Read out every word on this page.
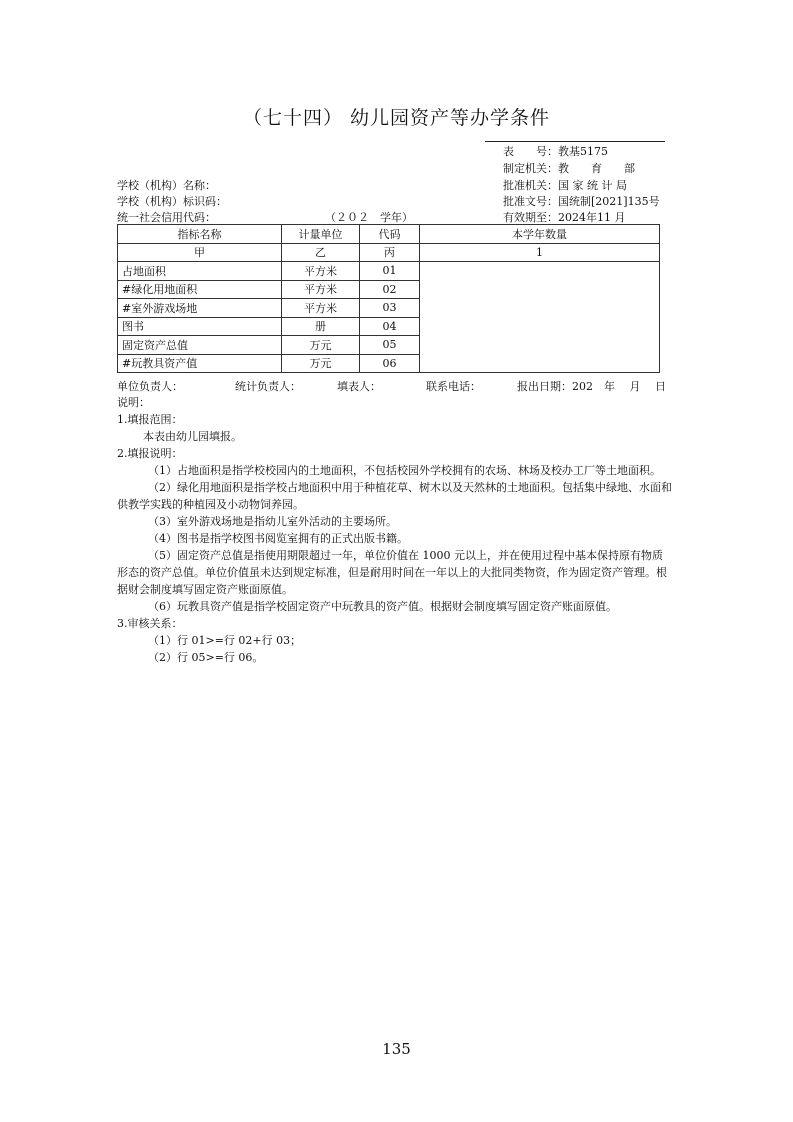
（七十四） 幼儿园资产等办学条件
表　　号：教基5175
制定机关：教　　育　　部
批准机关：国 家 统 计 局
批准文号：国统制[2021]135号
有效期至：2024年11 月
学校（机构）名称：
学校（机构）标识码：
统一社会信用代码：	（２０２　学年）
指标名称	计量单位	代码	本学年数量
甲	乙	丙	1
占地面积	平方米	01	
#绿化用地面积	平方米	02	
#室外游戏场地	平方米	03	
图书	册	04	
固定资产总值	万元	05	
#玩教具资产值	万元	06	
单位负责人：	统计负责人：	填表人：	联系电话：	报出日期：202　年　 月　 日

说明：

1.填报范围：

本表由幼儿园填报。

2.填报说明：

（1）占地面积是指学校校园内的土地面积，不包括校园外学校拥有的农场、林场及校办工厂等土地面积。

（2）绿化用地面积是指学校占地面积中用于种植花草、树木以及天然林的土地面积。包括集中绿地、水面和供教学实践的种植园及小动物饲养园。

（3）室外游戏场地是指幼儿室外活动的主要场所。

（4）图书是指学校图书阅览室拥有的正式出版书籍。

（5）固定资产总值是指使用期限超过一年，单位价值在 1000 元以上，并在使用过程中基本保持原有物质形态的资产总值。单位价值虽未达到规定标准，但是耐用时间在一年以上的大批同类物资，作为固定资产管理。根据财会制度填写固定资产账面原值。

（6）玩教具资产值是指学校固定资产中玩教具的资产值。根据财会制度填写固定资产账面原值。

3.审核关系：

（1）行 01>=行 02+行 03；

（2）行 05>=行 06。

135
